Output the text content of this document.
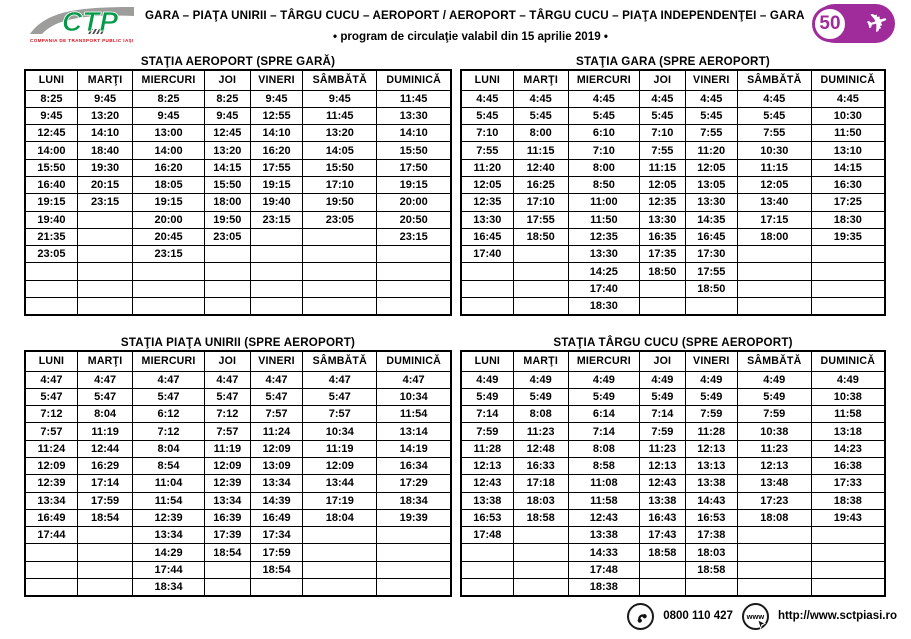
CTP
COMPANIA DE TRANSPORT PUBLIC IAŞI
GARA – PIAŢA UNIRII – TÂRGU CUCU – AEROPORT / AEROPORT – TÂRGU CUCU – PIAŢA INDEPENDENŢEI – GARA
• program de circulaţie valabil din 15 aprilie 2019 •
50 ✈
STAŢIA AEROPORT (SPRE GARĂ)
LUNI	MARŢI	MIERCURI	JOI	VINERI	SÂMBĂTĂ	DUMINICĂ
8:25	9:45	8:25	8:25	9:45	9:45	11:45
9:45	13:20	9:45	9:45	12:55	11:45	13:30
12:45	14:10	13:00	12:45	14:10	13:20	14:10
14:00	18:40	14:00	13:20	16:20	14:05	15:50
15:50	19:30	16:20	14:15	17:55	15:50	17:50
16:40	20:15	18:05	15:50	19:15	17:10	19:15
19:15	23:15	19:15	18:00	19:40	19:50	20:00
19:40		20:00	19:50	23:15	23:05	20:50
21:35		20:45	23:05			23:15
23:05		23:15				

STAŢIA GARA (SPRE AEROPORT)
LUNI	MARŢI	MIERCURI	JOI	VINERI	SÂMBĂTĂ	DUMINICĂ
4:45	4:45	4:45	4:45	4:45	4:45	4:45
5:45	5:45	5:45	5:45	5:45	5:45	10:30
7:10	8:00	6:10	7:10	7:55	7:55	11:50
7:55	11:15	7:10	7:55	11:20	10:30	13:10
11:20	12:40	8:00	11:15	12:05	11:15	14:15
12:05	16:25	8:50	12:05	13:05	12:05	16:30
12:35	17:10	11:00	12:35	13:30	13:40	17:25
13:30	17:55	11:50	13:30	14:35	17:15	18:30
16:45	18:50	12:35	16:35	16:45	18:00	19:35
17:40		13:30	17:35	17:30		
		14:25	18:50	17:55		
		17:40		18:50		
		18:30				
STAŢIA PIAŢA UNIRII (SPRE AEROPORT)
LUNI	MARŢI	MIERCURI	JOI	VINERI	SÂMBĂTĂ	DUMINICĂ
4:47	4:47	4:47	4:47	4:47	4:47	4:47
5:47	5:47	5:47	5:47	5:47	5:47	10:34
7:12	8:04	6:12	7:12	7:57	7:57	11:54
7:57	11:19	7:12	7:57	11:24	10:34	13:14
11:24	12:44	8:04	11:19	12:09	11:19	14:19
12:09	16:29	8:54	12:09	13:09	12:09	16:34
12:39	17:14	11:04	12:39	13:34	13:44	17:29
13:34	17:59	11:54	13:34	14:39	17:19	18:34
16:49	18:54	12:39	16:39	16:49	18:04	19:39
17:44		13:34	17:39	17:34		
		14:29	18:54	17:59		
		17:44		18:54		
		18:34				
STAŢIA TÂRGU CUCU (SPRE AEROPORT)
LUNI	MARŢI	MIERCURI	JOI	VINERI	SÂMBĂTĂ	DUMINICĂ
4:49	4:49	4:49	4:49	4:49	4:49	4:49
5:49	5:49	5:49	5:49	5:49	5:49	10:38
7:14	8:08	6:14	7:14	7:59	7:59	11:58
7:59	11:23	7:14	7:59	11:28	10:38	13:18
11:28	12:48	8:08	11:23	12:13	11:23	14:23
12:13	16:33	8:58	12:13	13:13	12:13	16:38
12:43	17:18	11:08	12:43	13:38	13:48	17:33
13:38	18:03	11:58	13:38	14:43	17:23	18:38
16:53	18:58	12:43	16:43	16:53	18:08	19:43
17:48		13:38	17:43	17:38		
		14:33	18:58	18:03		
		17:48		18:58		
		18:38				
0800 110 427 www http://www.sctpiasi.ro
